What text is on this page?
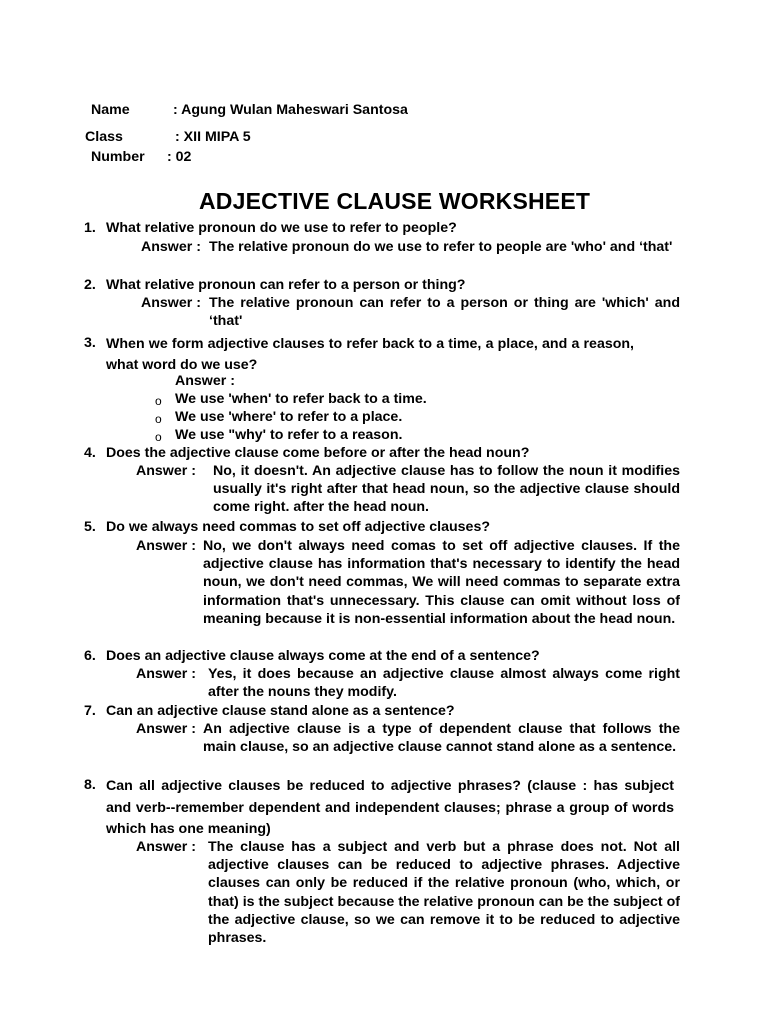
Name	: Agung Wulan Maheswari Santosa
Class	: XII MIPA 5
Number : 02
ADJECTIVE CLAUSE WORKSHEET
1. What relative pronoun do we use to refer to people?
Answer : The relative pronoun do we use to refer to people are 'who' and ‘that'
2. What relative pronoun can refer to a person or thing?
Answer : The relative pronoun can refer to a person or thing are 'which' and ‘that'
3. When we form adjective clauses to refer back to a time, a place, and a reason, what word do we use?
Answer :
o We use 'when' to refer back to a time.
o We use 'where' to refer to a place.
o We use "why' to refer to a reason.
4. Does the adjective clause come before or after the head noun?
Answer : No, it doesn't. An adjective clause has to follow the noun it modifies usually it's right after that head noun, so the adjective clause should come right. after the head noun.
5. Do we always need commas to set off adjective clauses?
Answer : No, we don't always need comas to set off adjective clauses. If the adjective clause has information that's necessary to identify the head noun, we don't need commas, We will need commas to separate extra information that's unnecessary. This clause can omit without loss of meaning because it is non-essential information about the head noun.
6. Does an adjective clause always come at the end of a sentence?
Answer : Yes, it does because an adjective clause almost always come right after the nouns they modify.
7. Can an adjective clause stand alone as a sentence?
Answer : An adjective clause is a type of dependent clause that follows the main clause, so an adjective clause cannot stand alone as a sentence.
8. Can all adjective clauses be reduced to adjective phrases? (clause : has subject and verb--remember dependent and independent clauses; phrase a group of words which has one meaning)
Answer : The clause has a subject and verb but a phrase does not. Not all adjective clauses can be reduced to adjective phrases. Adjective clauses can only be reduced if the relative pronoun (who, which, or that) is the subject because the relative pronoun can be the subject of the adjective clause, so we can remove it to be reduced to adjective phrases.
